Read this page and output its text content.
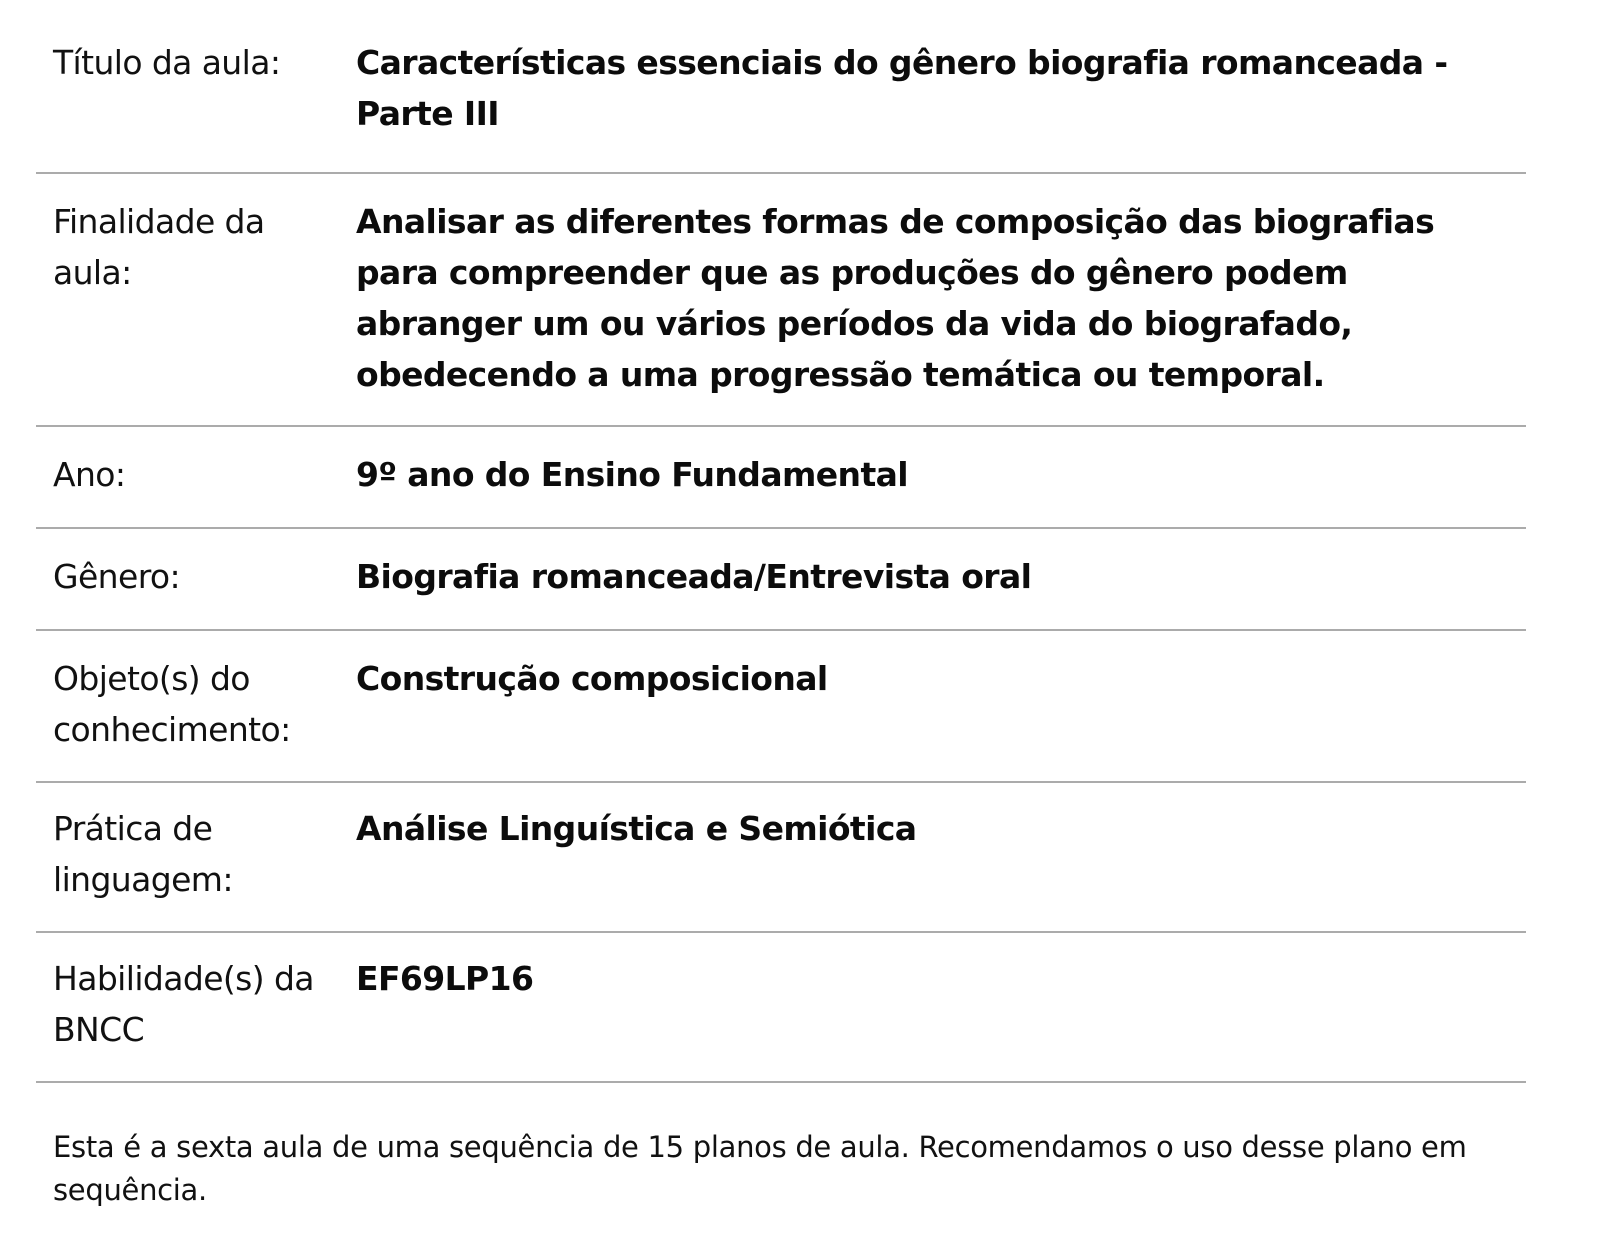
Título da aula:	Características essenciais do gênero biografia romanceada - Parte III

Finalidade da aula:	Analisar as diferentes formas de composição das biografias para compreender que as produções do gênero podem abranger um ou vários períodos da vida do biografado, obedecendo a uma progressão temática ou temporal.

Ano:	9º ano do Ensino Fundamental

Gênero:	Biografia romanceada/Entrevista oral

Objeto(s) do conhecimento:	Construção composicional

Prática de linguagem:	Análise Linguística e Semiótica

Habilidade(s) da BNCC	EF69LP16

Esta é a sexta aula de uma sequência de 15 planos de aula. Recomendamos o uso desse plano em sequência.
